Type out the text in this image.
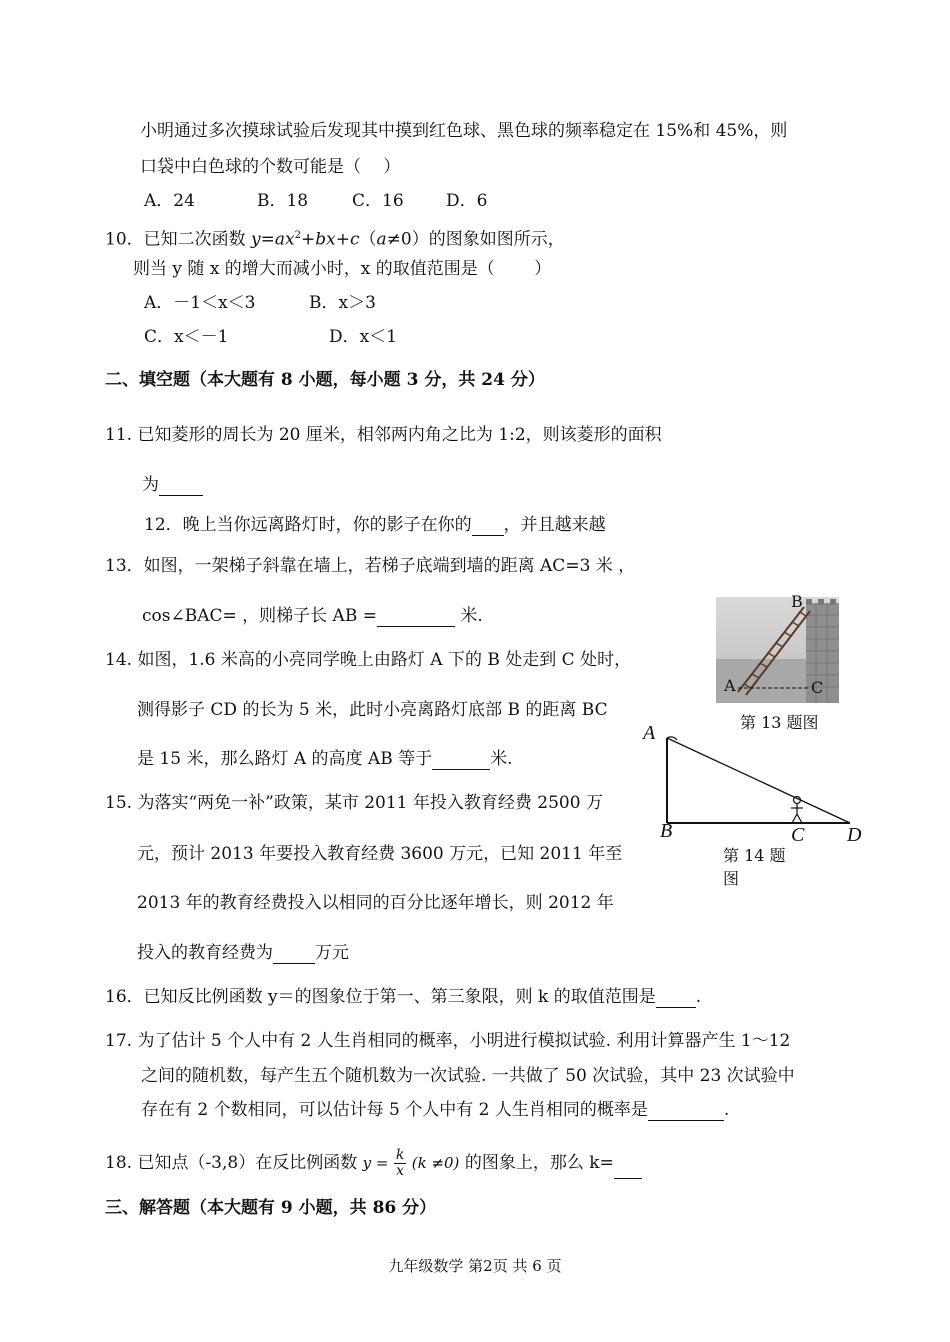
小明通过多次摸球试验后发现其中摸到红色球、黑色球的频率稳定在 15%和 45%，则
口袋中白色球的个数可能是（　 ）
A．24	B．18	C．16 D．6
10．已知二次函数 $y=ax^2+bx+c(a\ne 0)$的图象如图所示，
则当 y 随 x 的增大而减小时，x 的取值范围是（　　 ）
A．－1＜x＜3	B．x＞3
C．x＜－1	D．x＜1
二、填空题（本大题有 8 小题，每小题 3 分，共 24 分）
11. 已知菱形的周长为 20 厘米，相邻两内角之比为 1:2，则该菱形的面积
为
12．晚上当你远离路灯时，你的影子在你的 ，并且越来越
13．如图，一架梯子斜靠在墙上，若梯子底端到墙的距离 AC=3 米 ，
cos∠BAC= ，则梯子长 AB =	米.
B
A	C
第 13 题图
14. 如图，1.6 米高的小亮同学晚上由路灯 A 下的 B 处走到 C 处时，
测得影子 CD 的长为 5 米，此时小亮离路灯底部 B 的距离 BC
是 15 米，那么路灯 A 的高度 AB 等于	米.
A
B	C D
第 14 题
图
15. 为落实“两免一补”政策，某市 2011 年投入教育经费 2500 万
元，预计 2013 年要投入教育经费 3600 万元，已知 2011 年至
2013 年的教育经费投入以相同的百分比逐年增长，则 2012 年
投入的教育经费为 万元
16．已知反比例函数 y＝的图象位于第一、第三象限，则 k 的取值范围是 .
17. 为了估计 5 个人中有 2 人生肖相同的概率，小明进行模拟试验. 利用计算器产生 1～12
之间的随机数，每产生五个随机数为一次试验. 一共做了 50 次试验，其中 23 次试验中
存在有 2 个数相同，可以估计每 5 个人中有 2 人生肖相同的概率是	.
18. 已知点（-3,8）在反比例函数 $y = \frac{k}{x} (k \ne 0)$ 的图象上，那么 k=
三、解答题（本大题有 9 小题，共 86 分）
九年级数学 第2页 共 6 页
